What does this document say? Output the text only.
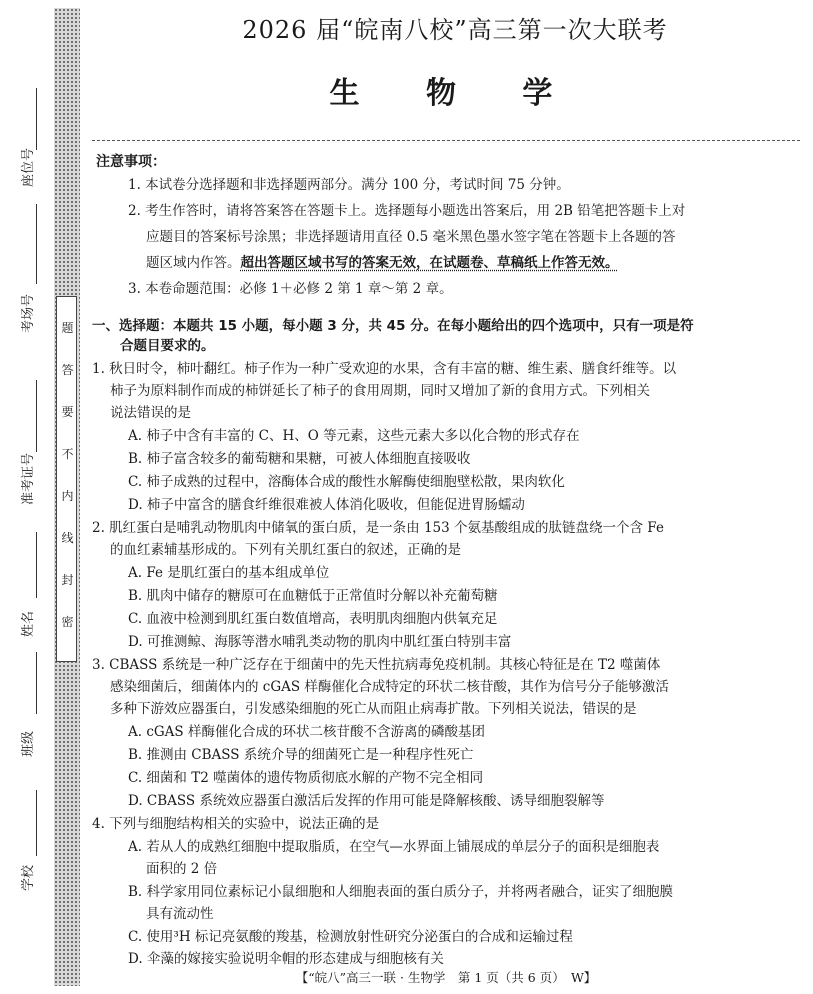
题
答
要
不
内
线
封
密
座位号
考场号
准考证号
姓名
班级
学校
2026 届“皖南八校”高三第一次大联考
生 物 学
注意事项：
1. 本试卷分选择题和非选择题两部分。满分 100 分，考试时间 75 分钟。
2. 考生作答时，请将答案答在答题卡上。选择题每小题选出答案后，用 2B 铅笔把答题卡上对
应题目的答案标号涂黑；非选择题请用直径 0.5 毫米黑色墨水签字笔在答题卡上各题的答
题区域内作答。超出答题区域书写的答案无效，在试题卷、草稿纸上作答无效。
3. 本卷命题范围：必修 1＋必修 2 第 1 章～第 2 章。
一、选择题：本题共 15 小题，每小题 3 分，共 45 分。在每小题给出的四个选项中，只有一项是符
合题目要求的。
1. 秋日时令，柿叶翻红。柿子作为一种广受欢迎的水果，含有丰富的糖、维生素、膳食纤维等。以
柿子为原料制作而成的柿饼延长了柿子的食用周期，同时又增加了新的食用方式。下列相关
说法错误的是
A. 柿子中含有丰富的 C、H、O 等元素，这些元素大多以化合物的形式存在
B. 柿子富含较多的葡萄糖和果糖，可被人体细胞直接吸收
C. 柿子成熟的过程中，溶酶体合成的酸性水解酶使细胞壁松散，果肉软化
D. 柿子中富含的膳食纤维很难被人体消化吸收，但能促进胃肠蠕动
2. 肌红蛋白是哺乳动物肌肉中储氧的蛋白质，是一条由 153 个氨基酸组成的肽链盘绕一个含 Fe
的血红素辅基形成的。下列有关肌红蛋白的叙述，正确的是
A. Fe 是肌红蛋白的基本组成单位
B. 肌肉中储存的糖原可在血糖低于正常值时分解以补充葡萄糖
C. 血液中检测到肌红蛋白数值增高，表明肌肉细胞内供氧充足
D. 可推测鲸、海豚等潜水哺乳类动物的肌肉中肌红蛋白特别丰富
3. CBASS 系统是一种广泛存在于细菌中的先天性抗病毒免疫机制。其核心特征是在 T2 噬菌体
感染细菌后，细菌体内的 cGAS 样酶催化合成特定的环状二核苷酸，其作为信号分子能够激活
多种下游效应器蛋白，引发感染细胞的死亡从而阻止病毒扩散。下列相关说法，错误的是
A. cGAS 样酶催化合成的环状二核苷酸不含游离的磷酸基团
B. 推测由 CBASS 系统介导的细菌死亡是一种程序性死亡
C. 细菌和 T2 噬菌体的遗传物质彻底水解的产物不完全相同
D. CBASS 系统效应器蛋白激活后发挥的作用可能是降解核酸、诱导细胞裂解等
4. 下列与细胞结构相关的实验中，说法正确的是
A. 若从人的成熟红细胞中提取脂质，在空气—水界面上铺展成的单层分子的面积是细胞表
面积的 2 倍
B. 科学家用同位素标记小鼠细胞和人细胞表面的蛋白质分子，并将两者融合，证实了细胞膜
具有流动性
C. 使用³H 标记亮氨酸的羧基，检测放射性研究分泌蛋白的合成和运输过程
D. 伞藻的嫁接实验说明伞帽的形态建成与细胞核有关
【“皖八”高三一联 · 生物学　第 1 页（共 6 页）　W】
